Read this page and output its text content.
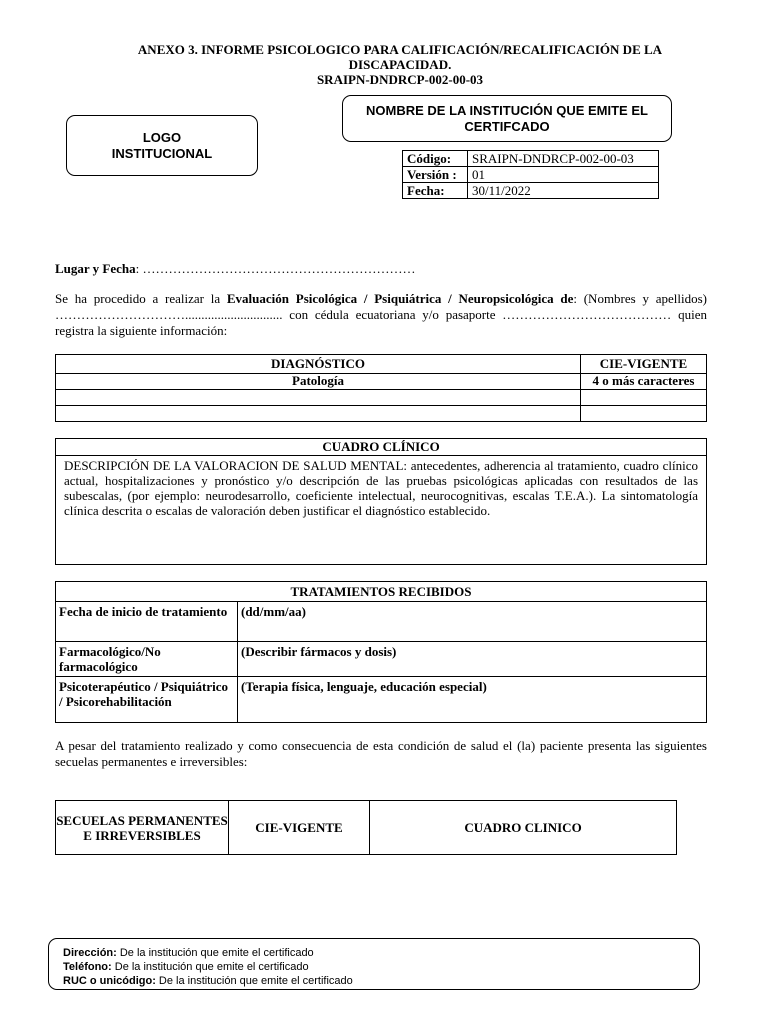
ANEXO 3. INFORME PSICOLOGICO PARA CALIFICACIÓN/RECALIFICACIÓN DE LA DISCAPACIDAD.
SRAIPN-DNDRCP-002-00-03
NOMBRE DE LA INSTITUCIÓN QUE EMITE EL CERTIFCADO
LOGO INSTITUCIONAL	Código:	SRAIPN-DNDRCP-002-00-03
Versión :	01
Fecha:	30/11/2022
Lugar y Fecha: ………………………………………………………
Se ha procedido a realizar la Evaluación Psicológica / Psiquiátrica / Neuropsicológica de: (Nombres y apellidos) ………………………….............................. con cédula ecuatoriana y/o pasaporte ………………………………… quien registra la siguiente información:
DIAGNÓSTICO	CIE-VIGENTE
Patología	4 o más caracteres

CUADRO CLÍNICO
DESCRIPCIÓN DE LA VALORACION DE SALUD MENTAL: antecedentes, adherencia al tratamiento, cuadro clínico actual, hospitalizaciones y pronóstico y/o descripción de las pruebas psicológicas aplicadas con resultados de las subescalas, (por ejemplo: neurodesarrollo, coeficiente intelectual, neurocognitivas, escalas T.E.A.). La sintomatología clínica descrita o escalas de valoración deben justificar el diagnóstico establecido.
TRATAMIENTOS RECIBIDOS	
Fecha de inicio de tratamiento	(dd/mm/aa)
Farmacológico/No farmacológico	(Describir fármacos y dosis)
Psicoterapéutico / Psiquiátrico / Psicorehabilitación	(Terapia física, lenguaje, educación especial)
A pesar del tratamiento realizado y como consecuencia de esta condición de salud el (la) paciente presenta las siguientes secuelas permanentes e irreversibles:
SECUELAS PERMANENTES E IRREVERSIBLES	CIE-VIGENTE	CUADRO CLINICO
Dirección: De la institución que emite el certificado
Teléfono: De la institución que emite el certificado
RUC o unicódigo: De la institución que emite el certificado
